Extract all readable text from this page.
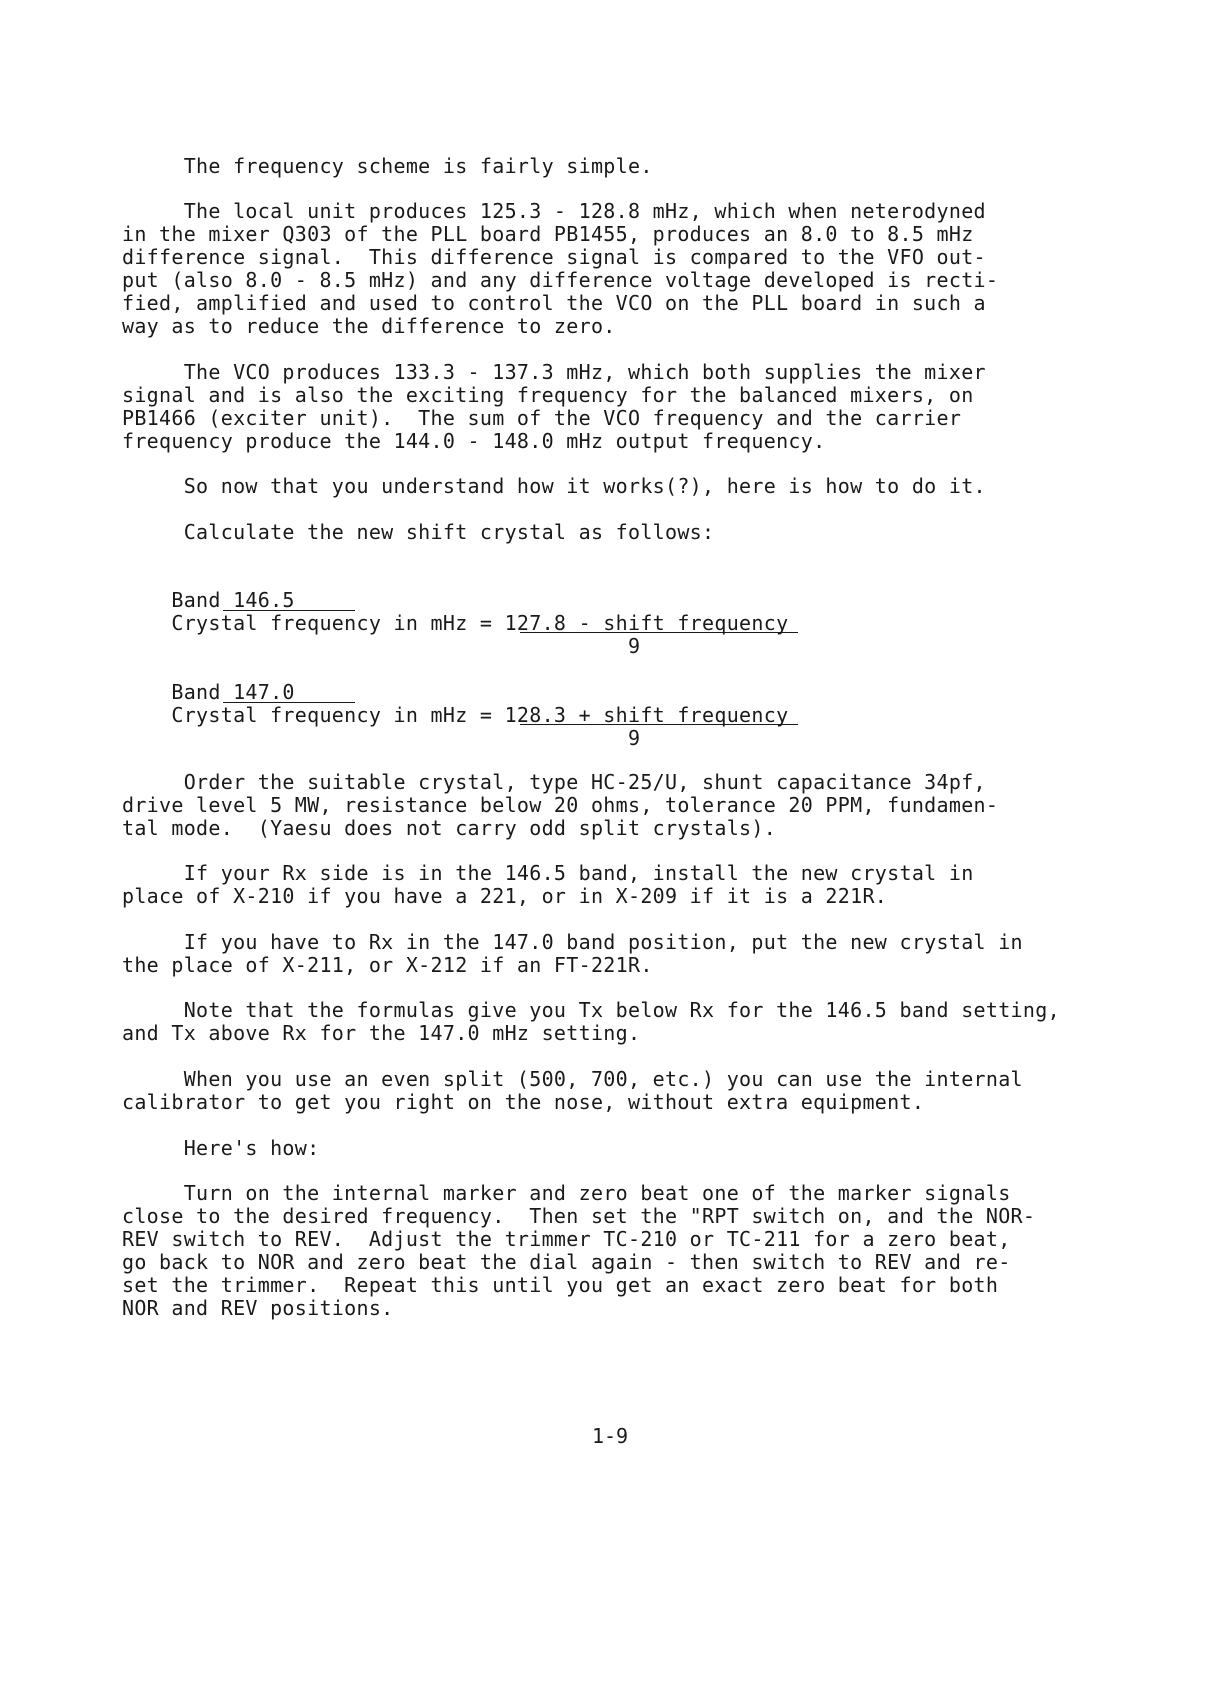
The frequency scheme is fairly simple.
The local unit produces 125.3 - 128.8 mHz, which when neterodyned
in the mixer Q303 of the PLL board PB1455, produces an 8.0 to 8.5 mHz
difference signal.  This difference signal is compared to the VFO out-
put (also 8.0 - 8.5 mHz) and any difference voltage developed is recti-
fied, amplified and used to control the VCO on the PLL board in such a
way as to reduce the difference to zero.
The VCO produces 133.3 - 137.3 mHz, which both supplies the mixer
signal and is also the exciting frequency for the balanced mixers, on
PB1466 (exciter unit).  The sum of the VCO frequency and the carrier
frequency produce the 144.0 - 148.0 mHz output frequency.
So now that you understand how it works(?), here is how to do it.
Calculate the new shift crystal as follows:
Band 146.5
Crystal frequency in mHz = 127.8 - shift frequency
9
Band 147.0
Crystal frequency in mHz = 128.3 + shift frequency
9
Order the suitable crystal, type HC-25/U, shunt capacitance 34pf,
drive level 5 MW, resistance below 20 ohms, tolerance 20 PPM, fundamen-
tal mode.  (Yaesu does not carry odd split crystals).
If your Rx side is in the 146.5 band, install the new crystal in
place of X-210 if you have a 221, or in X-209 if it is a 221R.
If you have to Rx in the 147.0 band position, put the new crystal in
the place of X-211, or X-212 if an FT-221R.
Note that the formulas give you Tx below Rx for the 146.5 band setting,
and Tx above Rx for the 147.0 mHz setting.
When you use an even split (500, 700, etc.) you can use the internal
calibrator to get you right on the nose, without extra equipment.
Here's how:
Turn on the internal marker and zero beat one of the marker signals
close to the desired frequency.  Then set the "RPT switch on, and the NOR-
REV switch to REV.  Adjust the trimmer TC-210 or TC-211 for a zero beat,
go back to NOR and zero beat the dial again - then switch to REV and re-
set the trimmer.  Repeat this until you get an exact zero beat for both
NOR and REV positions.
1-9
